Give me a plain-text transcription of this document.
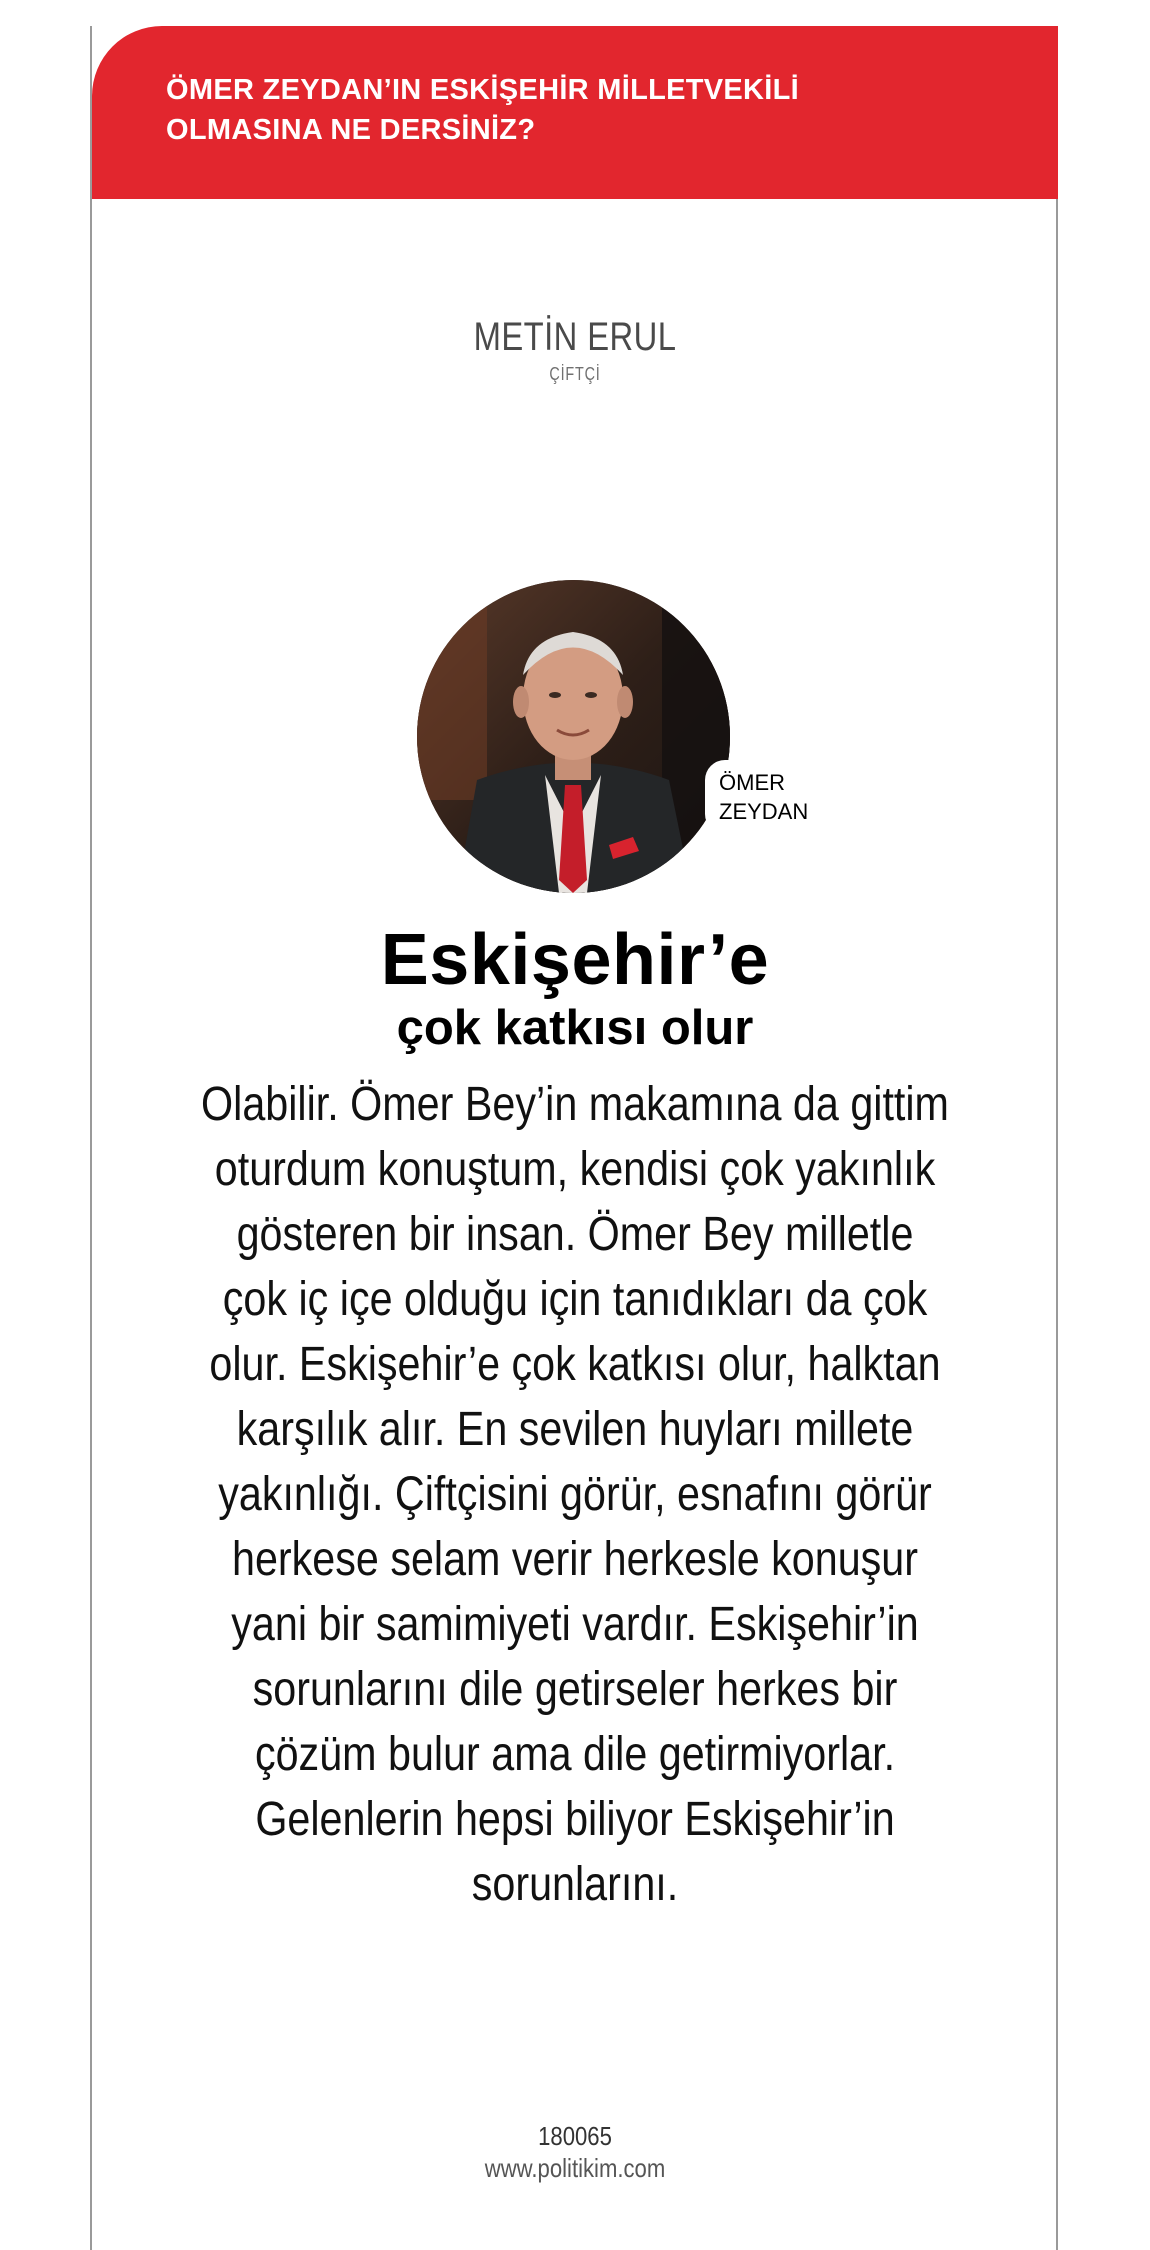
ÖMER ZEYDAN’IN ESKİŞEHİR MİLLETVEKİLİ
OLMASINA NE DERSİNİZ?
METİN ERUL
ÇİFTÇİ
ÖMER
ZEYDAN
Eskişehir’e
çok katkısı olur

Olabilir. Ömer Bey’in makamına da gittim oturdum konuştum, kendisi çok yakınlık gösteren bir insan. Ömer Bey milletle çok iç içe olduğu için tanıdıkları da çok olur. Eskişehir’e çok katkısı olur, halktan karşılık alır. En sevilen huyları millete yakınlığı. Çiftçisini görür, esnafını görür herkese selam verir herkesle konuşur yani bir samimiyeti vardır. Eskişehir’in sorunlarını dile getirseler herkes bir çözüm bulur ama dile getirmiyorlar. Gelenlerin hepsi biliyor Eskişehir’in sorunlarını.

180065
www.politikim.com
